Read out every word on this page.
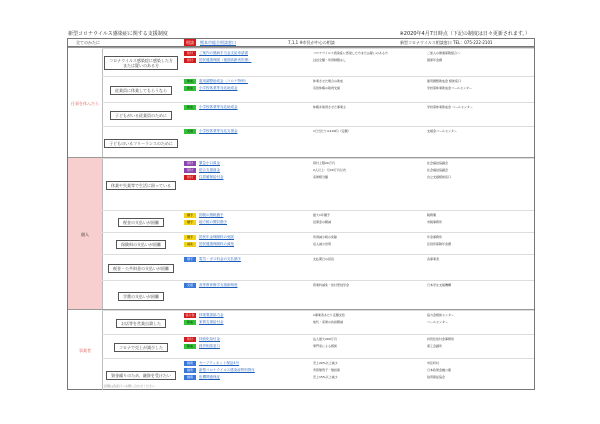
新型コロナウイルス感染症に関する支援制度	※2020年4月7日時点（下記の制度は日々更新されます。）
全てのかたに	相談	熊本市総合相談窓口	7,1,1 ※市民が中心の相談	新型コロナウイルス相談窓口 TEL：075-222-2101
仕事を休んだら
コロナウイルス感染症に感染した方または疑いのある方
給付	ご案内の傷病手当金支給申請書	コロナウイルス感染症に感染した方または疑いのある方	ご加入の健康保険組合へ
給付	国民健康保険（後期高齢者医療）	ほぼ全額・所得制限なし	国保年金課
従業員に休業してもらうなら
助成	雇用調整助成金（コロナ特例）	休業させた場合の助成	雇用調整助成金 相談窓口
助成	小学校休業等対応助成金	有給休暇の取得支援	学校等休業助成金コールセンター
子どもがいる従業員のために
助成	小学校休業等対応助成金	休暇を取得させた事業主	学校等休業助成金 コールセンター
子どものいるフリーランスのために
支援	小学校休業等対応支援金	1日当たり4,100円（定額）	支援金コールセンター
個人
休業や失業等で生活に困っている
貸付	緊急小口資金	貸付上限20万円	社会福祉協議会
貸付	総合支援資金	2人以上：月20万円以内	社会福祉協議会
給付	住居確保給付金	家賃相当額	自立支援相談窓口
税金の支払いが困難
猶予	国税の納税猶予	最大1年猶予	税務署
猶予	地方税の徴収猶予	延滞金の軽減	市税事務所
保険料の支払いが困難
猶予	国民年金保険料の免除	所得減少時の免除	年金事務所
減免	国民健康保険料の減免	収入減少世帯	区役所保険年金課
税金・公共料金の支払いが困難
猶予	電気・ガス料金の支払猶予	支払期日の延長	各事業者
学費の支払いが困難
支援	高等教育修学支援新制度	授業料減免・給付型奨学金	日本学生支援機構
事業者
お店等を営業自粛した
協力金	休業要請協力金	1事業者あたり定額支給	協力金相談センター
助成	家賃支援給付金	地代・家賃の負担軽減	コールセンター
コロナで売上が減少した
給付	持続化給付金	法人最大200万円	持続化給付金事務局
助成	経営相談窓口	専門家による相談	商工会議所
資金繰りのため、融資を受けたい
融資	セーフティネット保証4号	売上20%以上減少	市区町村
融資	新型コロナウイルス感染症特別貸付	実質無利子・無担保	日本政策金融公庫
融資	危機関連保証	売上15%以上減少	信用保証協会
詳細は各窓口へお問い合わせください
